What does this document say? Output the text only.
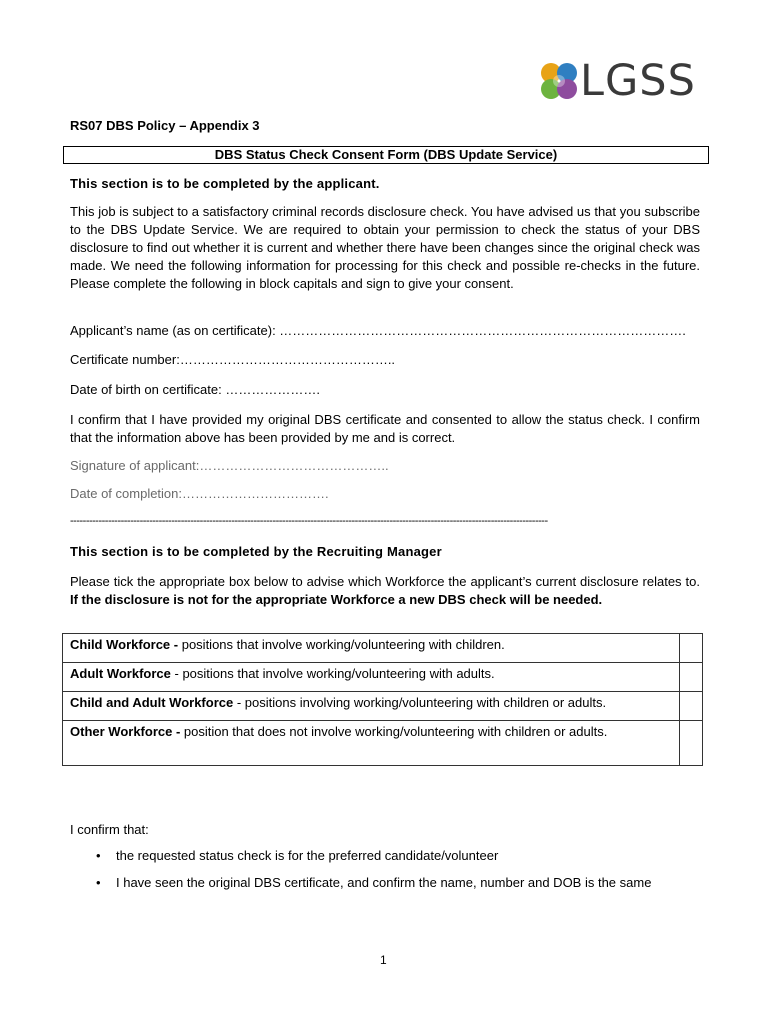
LGSS
RS07 DBS Policy – Appendix 3
DBS Status Check Consent Form (DBS Update Service)
This section is to be completed by the applicant.
This job is subject to a satisfactory criminal records disclosure check. You have advised us that you subscribe to the DBS Update Service. We are required to obtain your permission to check the status of your DBS disclosure to find out whether it is current and whether there have been changes since the original check was made. We need the following information for processing for this check and possible re-checks in the future. Please complete the following in block capitals and sign to give your consent.
Applicant’s name (as on certificate): ………………………………………………………………………………….
Certificate number:…………………………………………..
Date of birth on certificate: ………………….
I confirm that I have provided my original DBS certificate and consented to allow the status check. I confirm that the information above has been provided by me and is correct.
Signature of applicant:……………………………………..
Date of completion:…………………………….
-------------------------------------------------------------------------------------------------------------------------------------------------------
This section is to be completed by the Recruiting Manager
Please tick the appropriate box below to advise which Workforce the applicant’s current disclosure relates to. If the disclosure is not for the appropriate Workforce a new DBS check will be needed.
Child Workforce - positions that involve working/volunteering with children.	
Adult Workforce - positions that involve working/volunteering with adults.	
Child and Adult Workforce - positions involving working/volunteering with children or adults.	
Other Workforce - position that does not involve working/volunteering with children or adults.	
I confirm that:
• the requested status check is for the preferred candidate/volunteer
• I have seen the original DBS certificate, and confirm the name, number and DOB is the same
1
